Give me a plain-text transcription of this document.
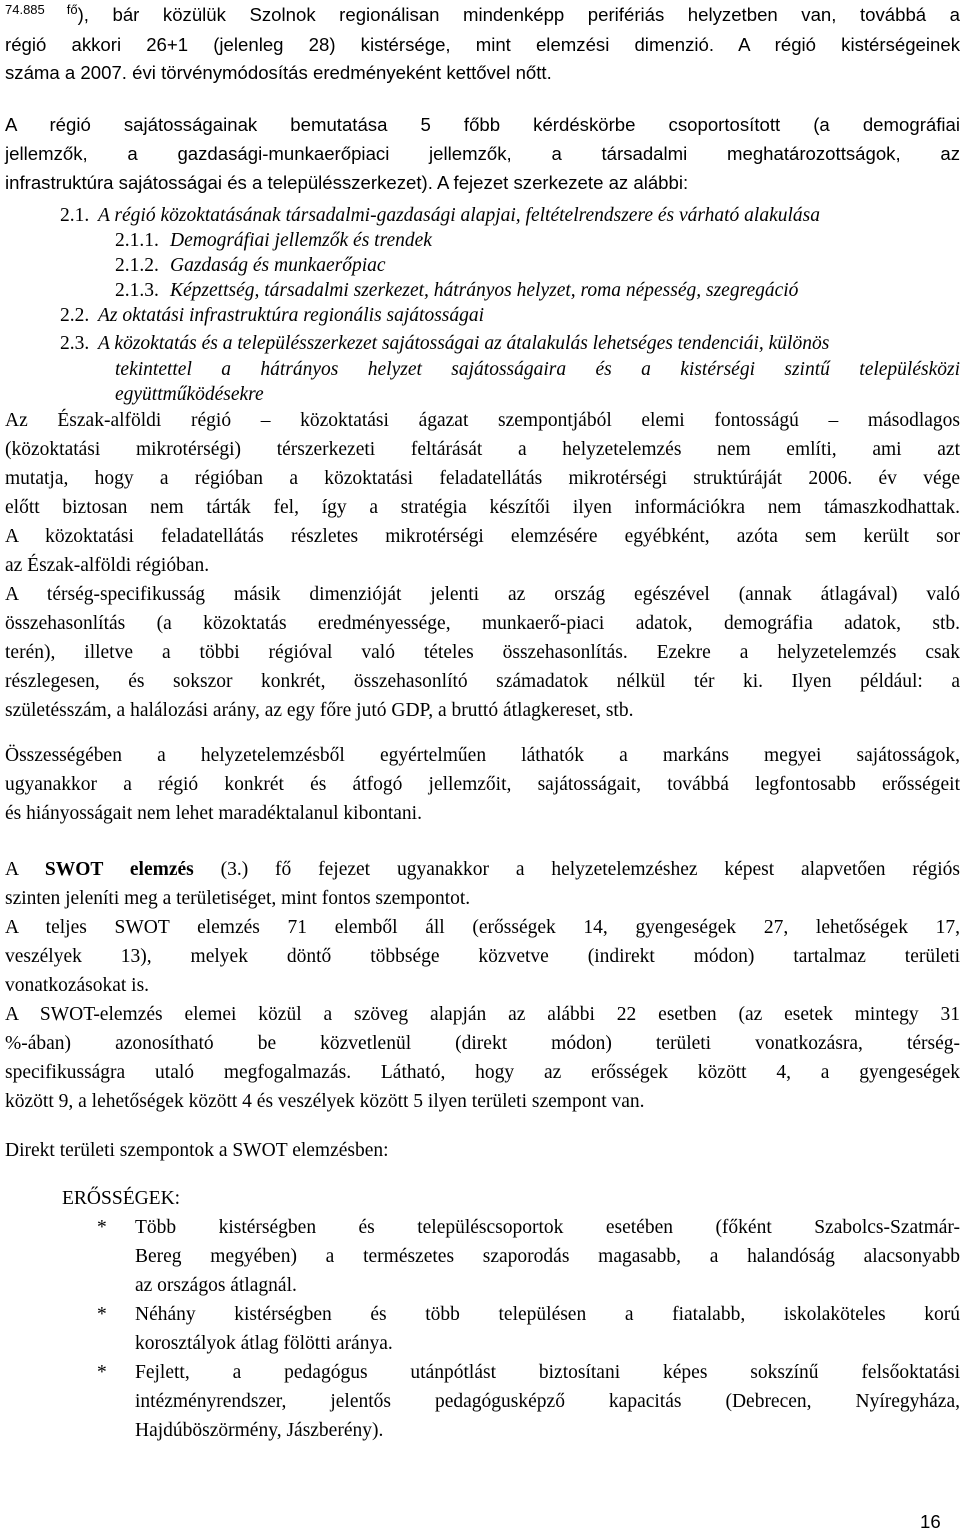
$^{74.885 fő}$), bár közülük Szolnok regionálisan mindenképp perifériás helyzetben van, továbbá a
régió akkori 26+1 (jelenleg 28) kistérsége, mint elemzési dimenzió. A régió kistérségeinek
száma a 2007. évi törvénymódosítás eredményeként kettővel nőtt.
A régió sajátosságainak bemutatása 5 főbb kérdéskörbe csoportosított (a demográfiai
jellemzők, a gazdasági-munkaerőpiaci jellemzők, a társadalmi meghatározottságok, az
infrastruktúra sajátosságai és a településszerkezet). A fejezet szerkezete az alábbi:
2.1. A régió közoktatásának társadalmi-gazdasági alapjai, feltételrendszere és várható alakulása
2.1.1. Demográfiai jellemzők és trendek
2.1.2. Gazdaság és munkaerőpiac
2.1.3. Képzettség, társadalmi szerkezet, hátrányos helyzet, roma népesség, szegregáció
2.2. Az oktatási infrastruktúra regionális sajátosságai
2.3. A közoktatás és a településszerkezet sajátosságai az átalakulás lehetséges tendenciái, különös
tekintettel a hátrányos helyzet sajátosságaira és a kistérségi szintű településközi
együttműködésekre
Az Észak-alföldi régió – közoktatási ágazat szempontjából elemi fontosságú – másodlagos
(közoktatási mikrotérségi) térszerkezeti feltárását a helyzetelemzés nem említi, ami azt
mutatja, hogy a régióban a közoktatási feladatellátás mikrotérségi struktúráját 2006. év vége
előtt biztosan nem tárták fel, így a stratégia készítői ilyen információkra nem támaszkodhattak.
A közoktatási feladatellátás részletes mikrotérségi elemzésére egyébként, azóta sem került sor
az Észak-alföldi régióban.
A térség-specifikusság másik dimenzióját jelenti az ország egészével (annak átlagával) való
összehasonlítás (a közoktatás eredményessége, munkaerő-piaci adatok, demográfia adatok, stb.
terén), illetve a többi régióval való tételes összehasonlítás. Ezekre a helyzetelemzés csak
részlegesen, és sokszor konkrét, összehasonlító számadatok nélkül tér ki. Ilyen például: a
születésszám, a halálozási arány, az egy főre jutó GDP, a bruttó átlagkereset, stb.
Összességében a helyzetelemzésből egyértelműen láthatók a markáns megyei sajátosságok,
ugyanakkor a régió konkrét és átfogó jellemzőit, sajátosságait, továbbá legfontosabb erősségeit
és hiányosságait nem lehet maradéktalanul kibontani.
A SWOT elemzés (3.) fő fejezet ugyanakkor a helyzetelemzéshez képest alapvetően régiós
szinten jeleníti meg a területiséget, mint fontos szempontot.
A teljes SWOT elemzés 71 elemből áll (erősségek 14, gyengeségek 27, lehetőségek 17,
veszélyek 13), melyek döntő többsége közvetve (indirekt módon) tartalmaz területi
vonatkozásokat is.
A SWOT-elemzés elemei közül a szöveg alapján az alábbi 22 esetben (az esetek mintegy 31
%-ában) azonosítható be közvetlenül (direkt módon) területi vonatkozásra, térség-
specifikusságra utaló megfogalmazás. Látható, hogy az erősségek között 4, a gyengeségek
között 9, a lehetőségek között 4 és veszélyek között 5 ilyen területi szempont van.
Direkt területi szempontok a SWOT elemzésben:
ERŐSSÉGEK:
*	Több kistérségben és településcsoportok esetében (főként Szabolcs-Szatmár-
Bereg megyében) a természetes szaporodás magasabb, a halandóság alacsonyabb
az országos átlagnál.
*	Néhány kistérségben és több településen a fiatalabb, iskolaköteles korú
korosztályok átlag fölötti aránya.
*	Fejlett, a pedagógus utánpótlást biztosítani képes sokszínű felsőoktatási
intézményrendszer, jelentős pedagógusképző kapacitás (Debrecen, Nyíregyháza,
Hajdúböszörmény, Jászberény).
16
